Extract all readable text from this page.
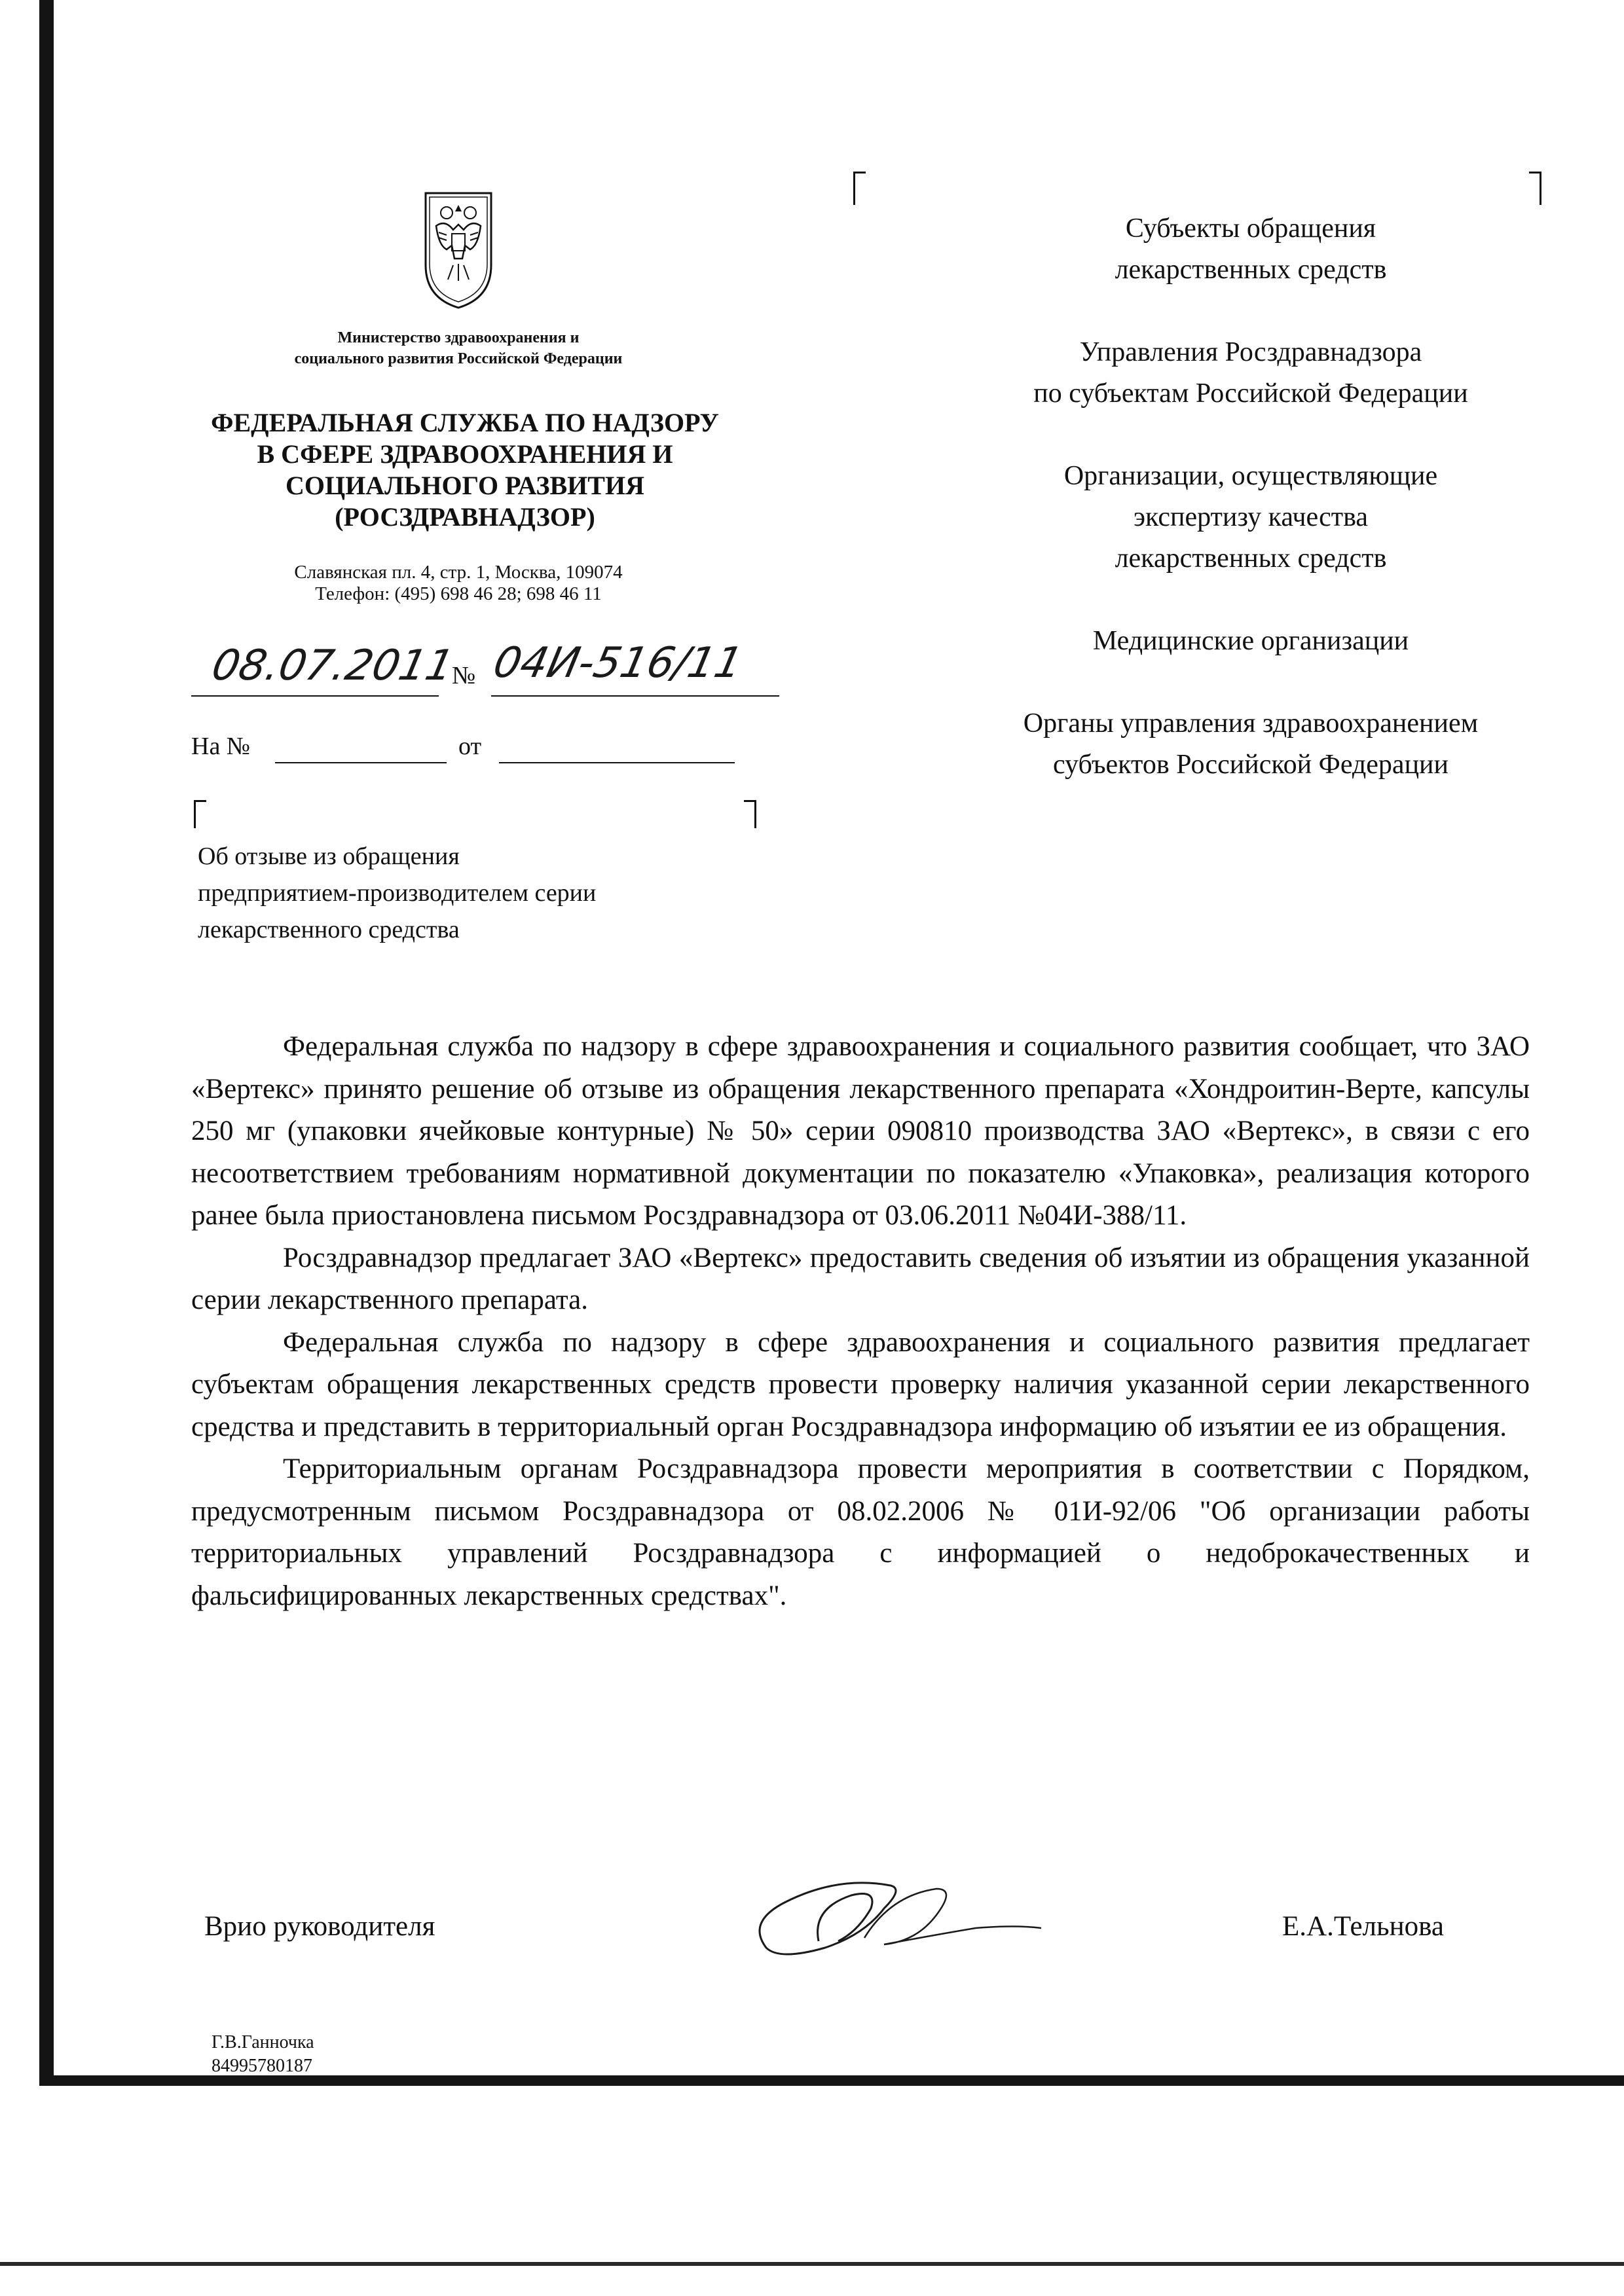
Министерство здравоохранения и
социального развития Российской Федерации
ФЕДЕРАЛЬНАЯ СЛУЖБА ПО НАДЗОРУ
В СФЕРЕ ЗДРАВООХРАНЕНИЯ И
СОЦИАЛЬНОГО РАЗВИТИЯ
(РОСЗДРАВНАДЗОР)
Славянская пл. 4, стр. 1, Москва, 109074
Телефон: (495) 698 46 28; 698 46 11
08.07.2011
№ 04И-516/11
На №	от
Об отзыве из обращения
предприятием-производителем серии
лекарственного средства
Субъекты обращения
лекарственных средств
Управления Росздравнадзора
по субъектам Российской Федерации
Организации, осуществляющие
экспертизу качества
лекарственных средств
Медицинские организации
Органы управления здравоохранением
субъектов Российской Федерации

Федеральная служба по надзору в сфере здравоохранения и социального развития сообщает, что ЗАО «Вертекс» принято решение об отзыве из обращения лекарственного препарата «Хондроитин-Верте, капсулы 250 мг (упаковки ячейковые контурные) № 50» серии 090810 производства ЗАО «Вертекс», в связи с его несоответствием требованиям нормативной документации по показателю «Упаковка», реализация которого ранее была приостановлена письмом Росздравнадзора от 03.06.2011 №04И-388/11.

Росздравнадзор предлагает ЗАО «Вертекс» предоставить сведения об изъятии из обращения указанной серии лекарственного препарата.

Федеральная служба по надзору в сфере здравоохранения и социального развития предлагает субъектам обращения лекарственных средств провести проверку наличия указанной серии лекарственного средства и представить в территориальный орган Росздравнадзора информацию об изъятии ее из обращения.

Территориальным органам Росздравнадзора провести мероприятия в соответствии с Порядком, предусмотренным письмом Росздравнадзора от 08.02.2006 № 01И-92/06 "Об организации работы территориальных управлений Росздравнадзора с информацией о недоброкачественных и фальсифицированных лекарственных средствах".

Врио руководителя	Е.А.Тельнова
Г.В.Ганночка
84995780187
